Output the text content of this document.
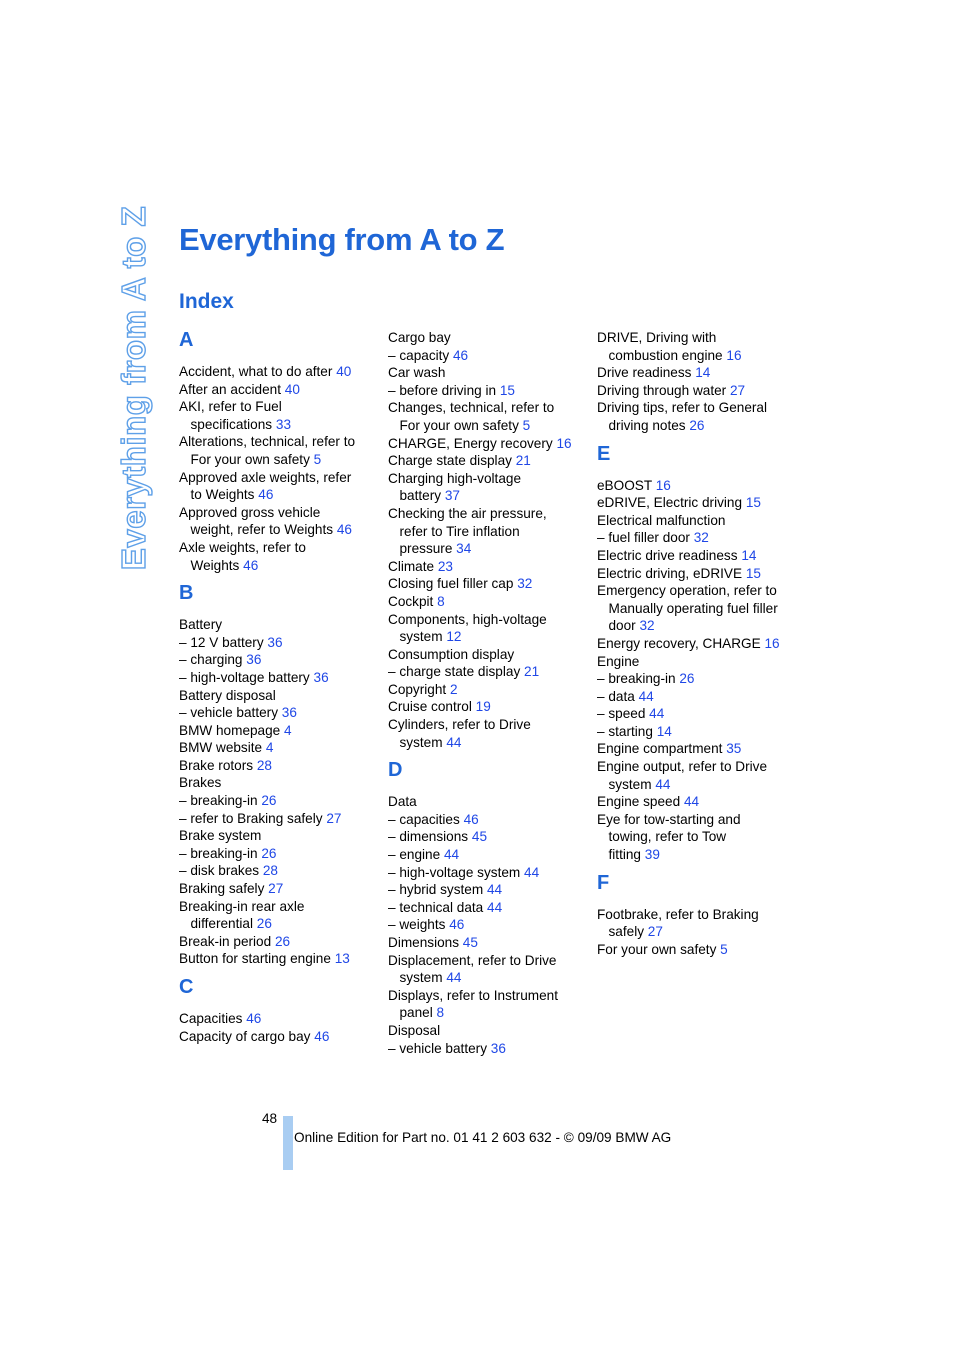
Everything from A to Z Everything from A to Z
Index
A
Accident, what to do after 40
After an accident 40
AKI, refer to Fuel
specifications 33
Alterations, technical, refer to
For your own safety 5
Approved axle weights, refer
to Weights 46
Approved gross vehicle
weight, refer to Weights 46
Axle weights, refer to
Weights 46
B
Battery
– 12 V battery 36
– charging 36
– high-voltage battery 36
Battery disposal
– vehicle battery 36
BMW homepage 4
BMW website 4
Brake rotors 28
Brakes
– breaking-in 26
– refer to Braking safely 27
Brake system
– breaking-in 26
– disk brakes 28
Braking safely 27
Breaking-in rear axle
differential 26
Break-in period 26
Button for starting engine 13
C
Capacities 46
Capacity of cargo bay 46
Cargo bay
– capacity 46
Car wash
– before driving in 15
Changes, technical, refer to
For your own safety 5
CHARGE, Energy recovery 16
Charge state display 21
Charging high-voltage
battery 37
Checking the air pressure,
refer to Tire inflation
pressure 34
Climate 23
Closing fuel filler cap 32
Cockpit 8
Components, high-voltage
system 12
Consumption display
– charge state display 21
Copyright 2
Cruise control 19
Cylinders, refer to Drive
system 44
D
Data
– capacities 46
– dimensions 45
– engine 44
– high-voltage system 44
– hybrid system 44
– technical data 44
– weights 46
Dimensions 45
Displacement, refer to Drive
system 44
Displays, refer to Instrument
panel 8
Disposal
– vehicle battery 36
DRIVE, Driving with
combustion engine 16
Drive readiness 14
Driving through water 27
Driving tips, refer to General
driving notes 26
E
eBOOST 16
eDRIVE, Electric driving 15
Electrical malfunction
– fuel filler door 32
Electric drive readiness 14
Electric driving, eDRIVE 15
Emergency operation, refer to
Manually operating fuel filler
door 32
Energy recovery, CHARGE 16
Engine
– breaking-in 26
– data 44
– speed 44
– starting 14
Engine compartment 35
Engine output, refer to Drive
system 44
Engine speed 44
Eye for tow-starting and
towing, refer to Tow
fitting 39
F
Footbrake, refer to Braking
safely 27
For your own safety 5
48
Online Edition for Part no. 01 41 2 603 632 - © 09/09 BMW AG
